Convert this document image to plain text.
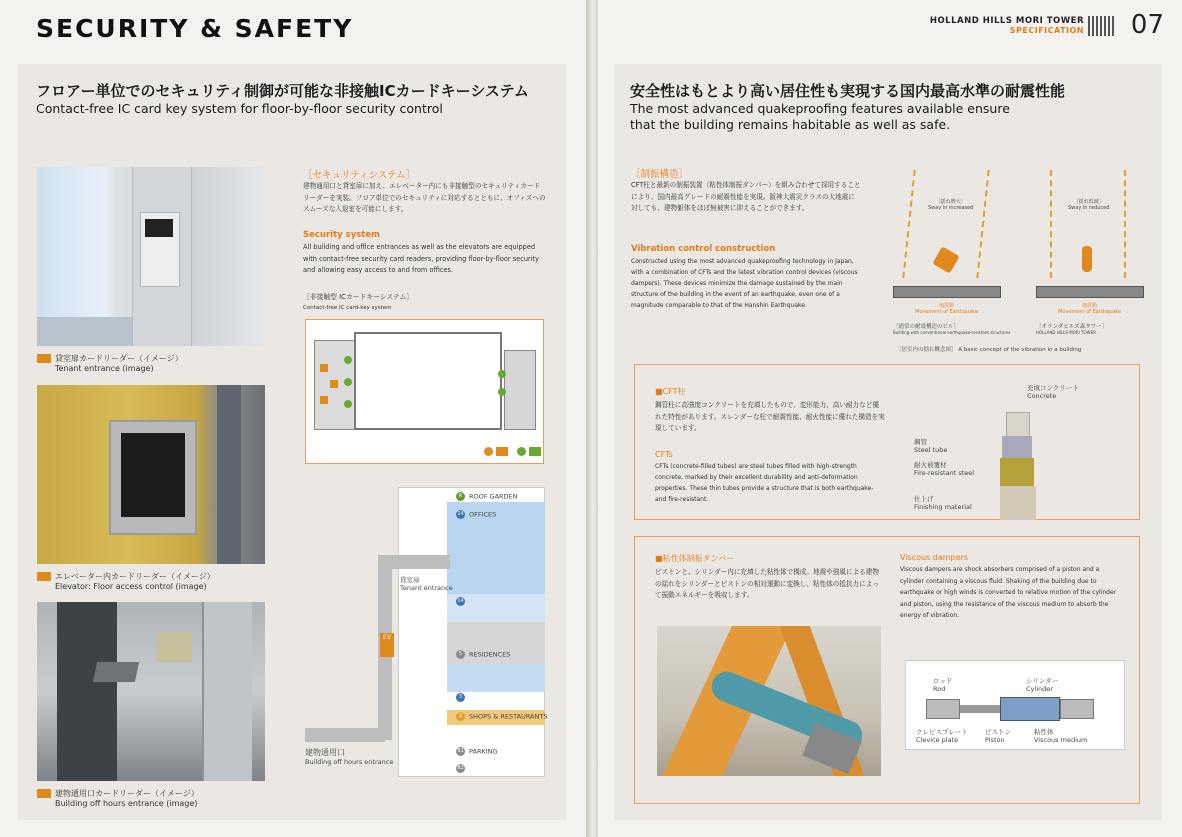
SECURITY & SAFETY
フロアー単位でのセキュリティ制御が可能な非接触ICカードキーシステム
Contact-free IC card key system for floor-by-floor security control
貸室扉カードリーダー（イメージ）
Tenant entrance (image)
エレベーター内カードリーダー（イメージ）
Elevator: Floor access control (image)
建物通用口カードリーダー（イメージ）
Building off hours entrance (image)
［セキュリティシステム］
建物通用口と貸室扉に加え、エレベーター内にも非接触型のセキュリティカードリーダーを実装。フロア単位でのセキュリティに対応するとともに、オフィスへのスムーズな入退室を可能にします。
Security system
All building and office entrances as well as the elevators are equipped with contact-free security card readers, providing floor-by-floor security and allowing easy access to and from offices.
［非接触型 ICカードキーシステム］
Contact-free IC card-key system
R ROOF GARDEN
24 OFFICES
14
5 RESIDENCES
3
2 SHOPS & RESTAURANTS
B1 PARKING
B2
EV
貸室扉
Tenant entrance
建物通用口
Building off hours entrance
HOLLAND HILLS MORI TOWER
SPECIFICATION 07
安全性はもとより高い居住性も実現する国内最高水準の耐震性能
The most advanced quakeproofing features available ensure
that the building remains habitable as well as safe.
［制振構造］
CFT柱と最新の制振装置（粘性体制振ダンパー）を組み合わせて採用することにより、国内最高グレードの耐震性能を実現。阪神大震災クラスの大地震に対しても、建物躯体をほぼ無被害に抑えることができます。
Vibration control construction
Constructed using the most advanced quakeproofing technology in Japan, with a combination of CFTs and the latest vibration control devices (viscous dampers). These devices minimize the damage sustained by the main structure of the building in the event of an earthquake, even one of a magnitude comparable to that of the Hanshin Earthquake.
［揺れ増大］
Sway in increased
地震動
Movement of Earthquake
［揺れ低減］
Sway in reduced
地震動
Movement of Earthquake
［通常の耐震構造のビル］
Building with conventional earthquake-resistant structures
［オランダヒルズ森タワー］
HOLLAND HILLS MORI TOWER
［居室内の揺れ概念図］ A basic concept of the vibration in a building
■CFT柱
鋼管柱に高強度コンクリートを充填したもので、変形能力、高い耐力など優れた特性があります。スレンダーな柱で耐震性能、耐火性能に優れた構造を実現しています。
CFTs
CFTs (concrete-filled tubes) are steel tubes filled with high-strength concrete, marked by their excellent durability and anti-deformation properties. These thin tubes provide a structure that is both earthquake- and fire-resistant.
充填コンクリート
Concrete
鋼管
Steel tube
耐火被覆材
Fire-resistant steel
仕上げ
Finishing material
■粘性体制振ダンパー
ピストンと、シリンダー内に充填した粘性体で構成。地震や強風による建物の揺れをシリンダーとピストンの相対運動に変換し、粘性体の抵抗力によって振動エネルギーを吸収します。
Viscous dampers
Viscous dampers are shock absorbers comprised of a piston and a cylinder containing a viscous fluid. Shaking of the building due to earthquake or high winds is converted to relative motion of the cylinder and piston, using the resistance of the viscous medium to absorb the energy of vibration.
ロッド
Rod
シリンダー
Cylinder
クレビスプレート
Clevice plate
ピストン
Piston
粘性体
Viscous medium
